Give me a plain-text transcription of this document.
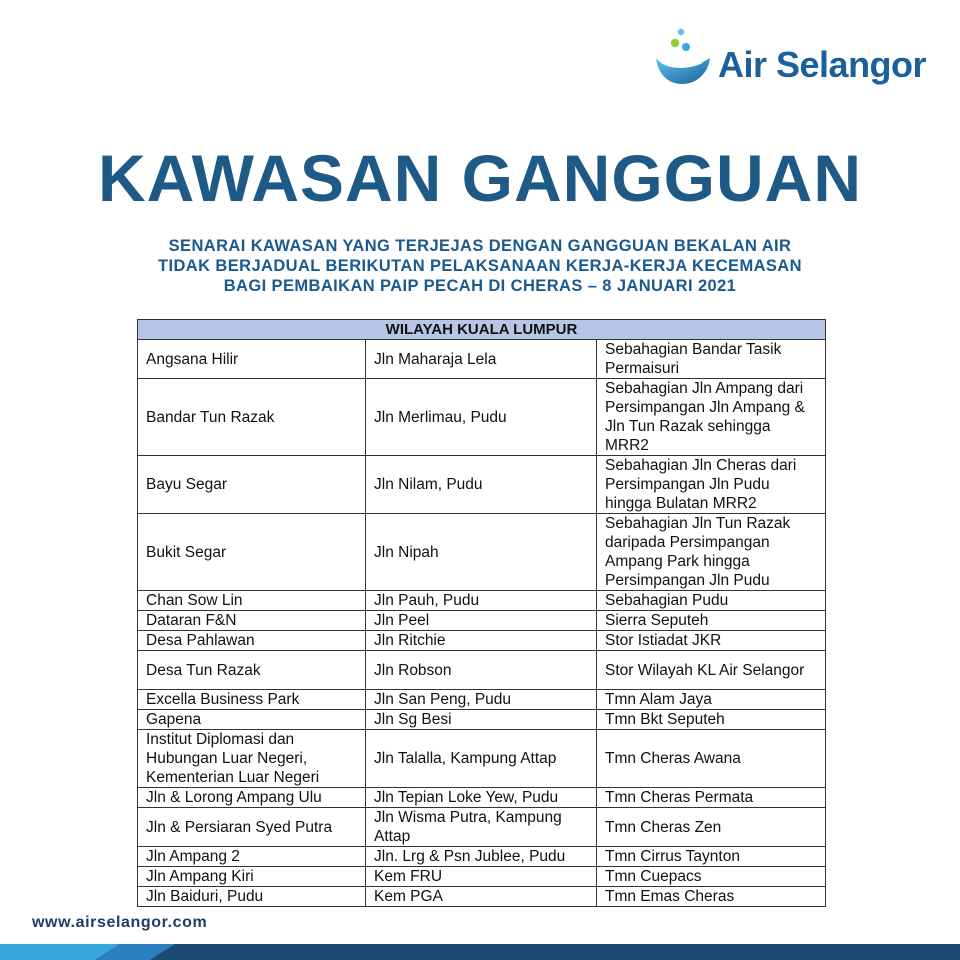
Air Selangor
KAWASAN GANGGUAN
SENARAI KAWASAN YANG TERJEJAS DENGAN GANGGUAN BEKALAN AIR
TIDAK BERJADUAL BERIKUTAN PELAKSANAAN KERJA-KERJA KECEMASAN
BAGI PEMBAIKAN PAIP PECAH DI CHERAS – 8 JANUARI 2021
WILAYAH KUALA LUMPUR		
Angsana Hilir	Jln Maharaja Lela	Sebahagian Bandar Tasik Permaisuri
Bandar Tun Razak	Jln Merlimau, Pudu	Sebahagian Jln Ampang dari Persimpangan Jln Ampang & Jln Tun Razak sehingga MRR2
Bayu Segar	Jln Nilam, Pudu	Sebahagian Jln Cheras dari Persimpangan Jln Pudu hingga Bulatan MRR2
Bukit Segar	Jln Nipah	Sebahagian Jln Tun Razak daripada Persimpangan Ampang Park hingga Persimpangan Jln Pudu
Chan Sow Lin	Jln Pauh, Pudu	Sebahagian Pudu
Dataran F&N	Jln Peel	Sierra Seputeh
Desa Pahlawan	Jln Ritchie	Stor Istiadat JKR
Desa Tun Razak	Jln Robson	Stor Wilayah KL Air Selangor
Excella Business Park	Jln San Peng, Pudu	Tmn Alam Jaya
Gapena	Jln Sg Besi	Tmn Bkt Seputeh
Institut Diplomasi dan Hubungan Luar Negeri, Kementerian Luar Negeri	Jln Talalla, Kampung Attap	Tmn Cheras Awana
Jln & Lorong Ampang Ulu	Jln Tepian Loke Yew, Pudu	Tmn Cheras Permata
Jln & Persiaran Syed Putra	Jln Wisma Putra, Kampung Attap	Tmn Cheras Zen
Jln Ampang 2	Jln. Lrg & Psn Jublee, Pudu	Tmn Cirrus Taynton
Jln Ampang Kiri	Kem FRU	Tmn Cuepacs
Jln Baiduri, Pudu	Kem PGA	Tmn Emas Cheras
www.airselangor.com
